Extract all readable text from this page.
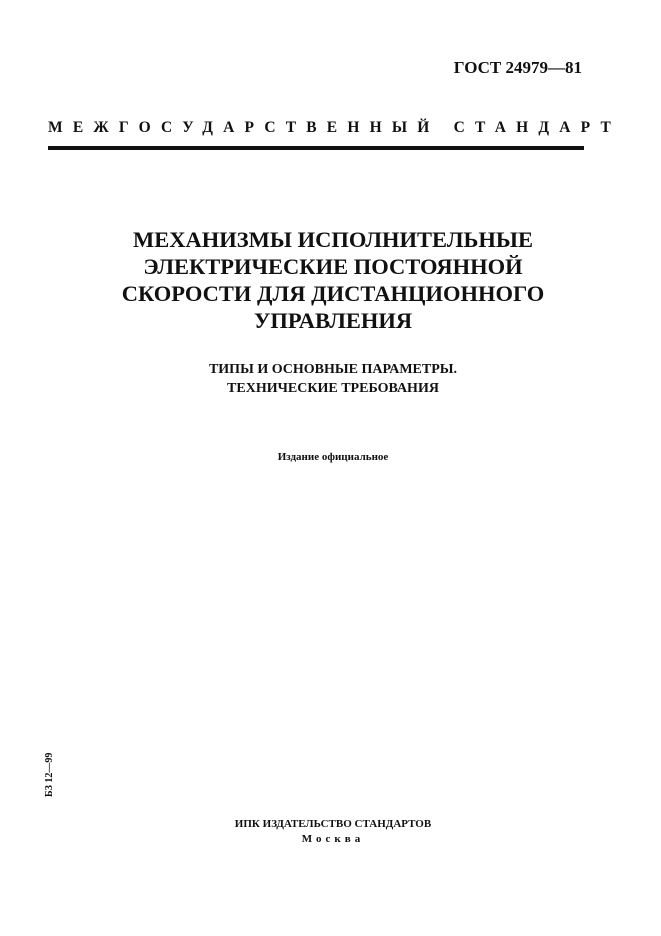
ГОСТ 24979—81
МЕЖГОСУДАРСТВЕННЫЙ СТАНДАРТ
МЕХАНИЗМЫ ИСПОЛНИТЕЛЬНЫЕ
ЭЛЕКТРИЧЕСКИЕ ПОСТОЯННОЙ
СКОРОСТИ ДЛЯ ДИСТАНЦИОННОГО
УПРАВЛЕНИЯ
ТИПЫ И ОСНОВНЫЕ ПАРАМЕТРЫ.
ТЕХНИЧЕСКИЕ ТРЕБОВАНИЯ
Издание официальное
БЗ 12—99
ИПК ИЗДАТЕЛЬСТВО СТАНДАРТОВ
Москва
